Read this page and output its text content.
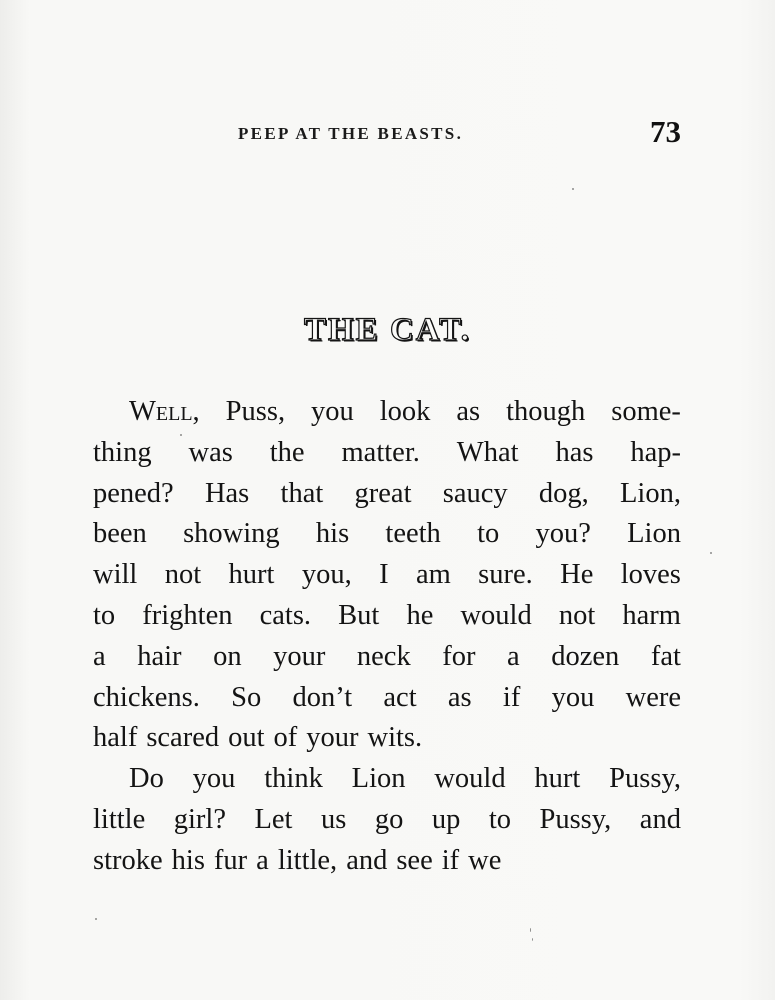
PEEP AT THE BEASTS.	73
THE CAT.
Well, Puss, you look as though some-
thing was the matter. What has hap-
pened? Has that great saucy dog, Lion,
been showing his teeth to you? Lion
will not hurt you, I am sure. He loves
to frighten cats. But he would not harm
a hair on your neck for a dozen fat
chickens. So don’t act as if you were
half scared out of your wits.
Do you think Lion would hurt Pussy,
little girl? Let us go up to Pussy, and
stroke his fur a little, and see if we
